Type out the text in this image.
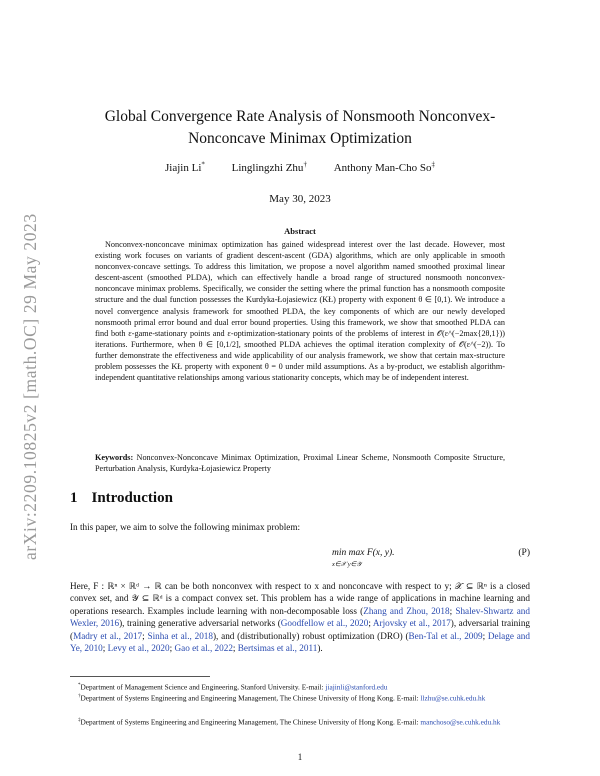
arXiv:2209.10825v2 [math.OC] 29 May 2023
Global Convergence Rate Analysis of Nonsmooth Nonconvex-Nonconcave Minimax Optimization
Jiajin Li* Linglingzhi Zhu† Anthony Man-Cho So‡
May 30, 2023
Abstract

Nonconvex-nonconcave minimax optimization has gained widespread interest over the last decade. However, most existing work focuses on variants of gradient descent-ascent (GDA) algorithms, which are only applicable in smooth nonconvex-concave settings. To address this limitation, we propose a novel algorithm named smoothed proximal linear descent-ascent (smoothed PLDA), which can effectively handle a broad range of structured nonsmooth nonconvex-nonconcave minimax problems. Specifically, we consider the setting where the primal function has a nonsmooth composite structure and the dual function possesses the Kurdyka-Łojasiewicz (KŁ) property with exponent θ ∈ [0,1). We introduce a novel convergence analysis framework for smoothed PLDA, the key components of which are our newly developed nonsmooth primal error bound and dual error bound properties. Using this framework, we show that smoothed PLDA can find both ε-game-stationary points and ε-optimization-stationary points of the problems of interest in 𝒪(ε^(−2max{2θ,1})) iterations. Furthermore, when θ ∈ [0,1/2], smoothed PLDA achieves the optimal iteration complexity of 𝒪(ε^(−2)). To further demonstrate the effectiveness and wide applicability of our analysis framework, we show that certain max-structure problem possesses the KŁ property with exponent θ = 0 under mild assumptions. As a by-product, we establish algorithm-independent quantitative relationships among various stationarity concepts, which may be of independent interest.

Keywords: Nonconvex-Nonconcave Minimax Optimization, Proximal Linear Scheme, Nonsmooth Composite Structure, Perturbation Analysis, Kurdyka-Łojasiewicz Property

1 Introduction

In this paper, we aim to solve the following minimax problem:

min max F(x, y).
x∈𝒳 y∈𝒴
(P)

Here, F : ℝⁿ × ℝᵈ → ℝ can be both nonconvex with respect to x and nonconcave with respect to y; 𝒳 ⊆ ℝⁿ is a closed convex set, and 𝒴 ⊆ ℝᵈ is a compact convex set. This problem has a wide range of applications in machine learning and operations research. Examples include learning with non-decomposable loss (Zhang and Zhou, 2018; Shalev-Shwartz and Wexler, 2016), training generative adversarial networks (Goodfellow et al., 2020; Arjovsky et al., 2017), adversarial training (Madry et al., 2017; Sinha et al., 2018), and (distributionally) robust optimization (DRO) (Ben-Tal et al., 2009; Delage and Ye, 2010; Levy et al., 2020; Gao et al., 2022; Bertsimas et al., 2011).

*Department of Management Science and Engineering, Stanford University. E-mail: jiajinli@stanford.edu

†Department of Systems Engineering and Engineering Management, The Chinese University of Hong Kong. E-mail: llzhu@se.cuhk.edu.hk

‡Department of Systems Engineering and Engineering Management, The Chinese University of Hong Kong. E-mail: manchoso@se.cuhk.edu.hk

1
